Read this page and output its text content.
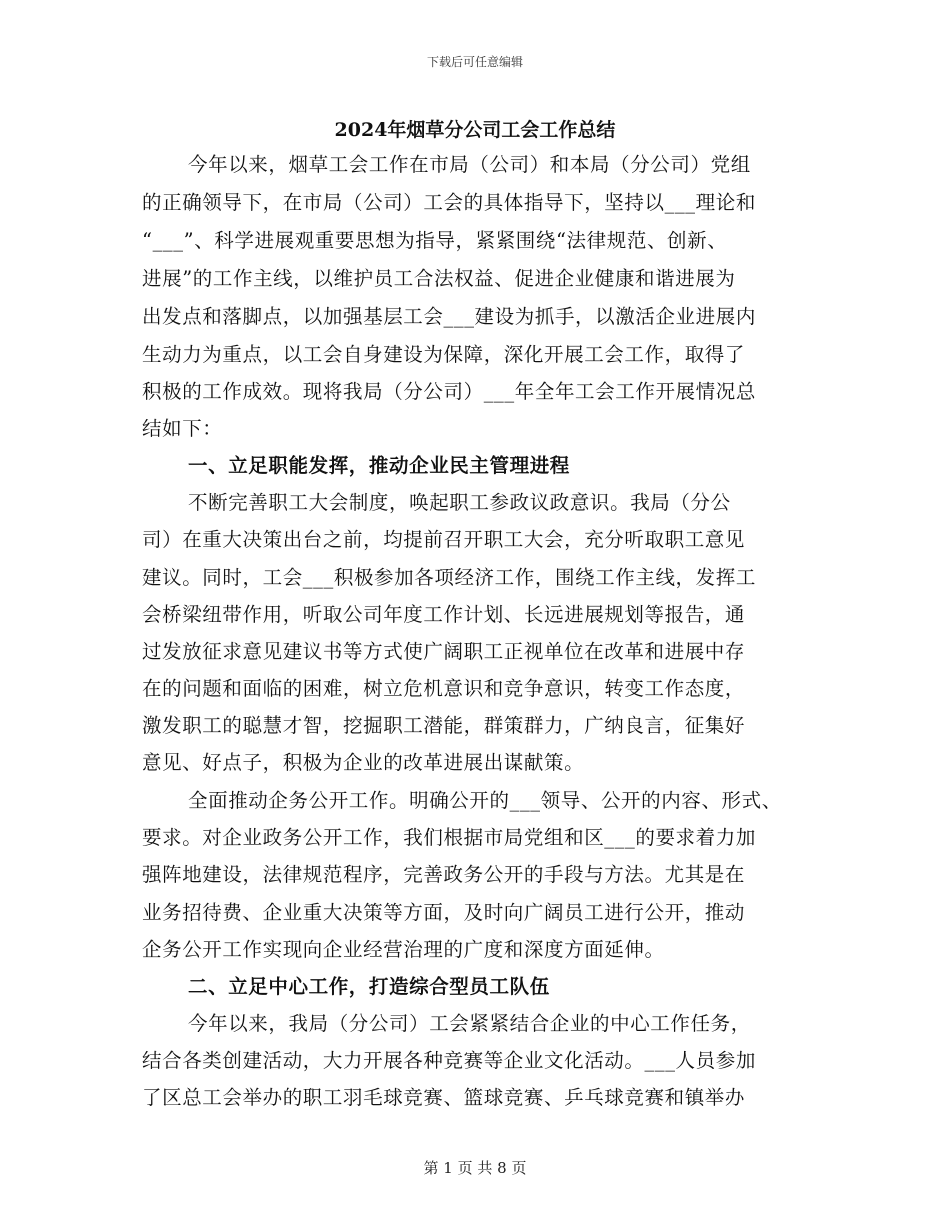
下载后可任意编辑
2024年烟草分公司工会工作总结
今年以来，烟草工会工作在市局（公司）和本局（分公司）党组
的正确领导下，在市局（公司）工会的具体指导下，坚持以___理论和
“___”、科学进展观重要思想为指导，紧紧围绕“法律规范、创新、
进展”的工作主线，以维护员工合法权益、促进企业健康和谐进展为
出发点和落脚点，以加强基层工会___建设为抓手，以激活企业进展内
生动力为重点，以工会自身建设为保障，深化开展工会工作，取得了
积极的工作成效。现将我局（分公司）___年全年工会工作开展情况总
结如下：
一、立足职能发挥，推动企业民主管理进程
不断完善职工大会制度，唤起职工参政议政意识。我局（分公
司）在重大决策出台之前，均提前召开职工大会，充分听取职工意见
建议。同时，工会___积极参加各项经济工作，围绕工作主线，发挥工
会桥梁纽带作用，听取公司年度工作计划、长远进展规划等报告，通
过发放征求意见建议书等方式使广阔职工正视单位在改革和进展中存
在的问题和面临的困难，树立危机意识和竞争意识，转变工作态度，
激发职工的聪慧才智，挖掘职工潜能，群策群力，广纳良言，征集好
意见、好点子，积极为企业的改革进展出谋献策。
全面推动企务公开工作。明确公开的___领导、公开的内容、形式、
要求。对企业政务公开工作，我们根据市局党组和区___的要求着力加
强阵地建设，法律规范程序，完善政务公开的手段与方法。尤其是在
业务招待费、企业重大决策等方面，及时向广阔员工进行公开，推动
企务公开工作实现向企业经营治理的广度和深度方面延伸。
二、立足中心工作，打造综合型员工队伍
今年以来，我局（分公司）工会紧紧结合企业的中心工作任务，
结合各类创建活动，大力开展各种竞赛等企业文化活动。___人员参加
了区总工会举办的职工羽毛球竞赛、篮球竞赛、乒乓球竞赛和镇举办
第 1 页 共 8 页
